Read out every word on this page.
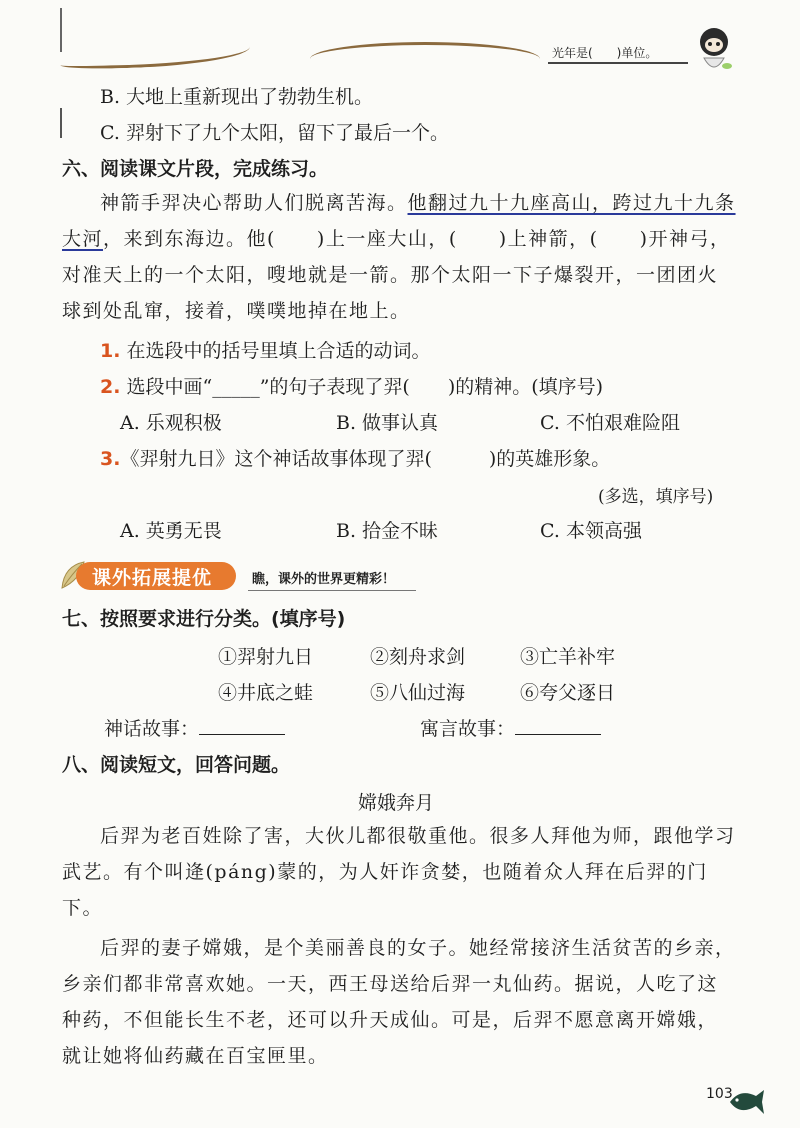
光年是(　　)单位。
B. 大地上重新现出了勃勃生机。
C. 羿射下了九个太阳，留下了最后一个。
六、阅读课文片段，完成练习。
神箭手羿决心帮助人们脱离苦海。他翻过九十九座高山，跨过九十九条大河，来到东海边。他(　　)上一座大山，(　　)上神箭，(　　)开神弓，对准天上的一个太阳，嗖地就是一箭。那个太阳一下子爆裂开，一团团火球到处乱窜，接着，噗噗地掉在地上。
1. 在选段中的括号里填上合适的动词。
2. 选段中画“_____”的句子表现了羿(　　)的精神。(填序号)
A. 乐观积极	B. 做事认真	C. 不怕艰难险阻
3.《羿射九日》这个神话故事体现了羿(　　　)的英雄形象。
(多选，填序号)
A. 英勇无畏	B. 拾金不昧	C. 本领高强
课外拓展提优	瞧，课外的世界更精彩！
七、按照要求进行分类。(填序号)
①羿射九日	②刻舟求剑	③亡羊补牢
④井底之蛙	⑤八仙过海	⑥夸父逐日
神话故事：	寓言故事：
八、阅读短文，回答问题。
嫦娥奔月
后羿为老百姓除了害，大伙儿都很敬重他。很多人拜他为师，跟他学习武艺。有个叫逄(páng)蒙的，为人奸诈贪婪，也随着众人拜在后羿的门下。
后羿的妻子嫦娥，是个美丽善良的女子。她经常接济生活贫苦的乡亲，乡亲们都非常喜欢她。一天，西王母送给后羿一丸仙药。据说，人吃了这种药，不但能长生不老，还可以升天成仙。可是，后羿不愿意离开嫦娥，就让她将仙药藏在百宝匣里。
103
